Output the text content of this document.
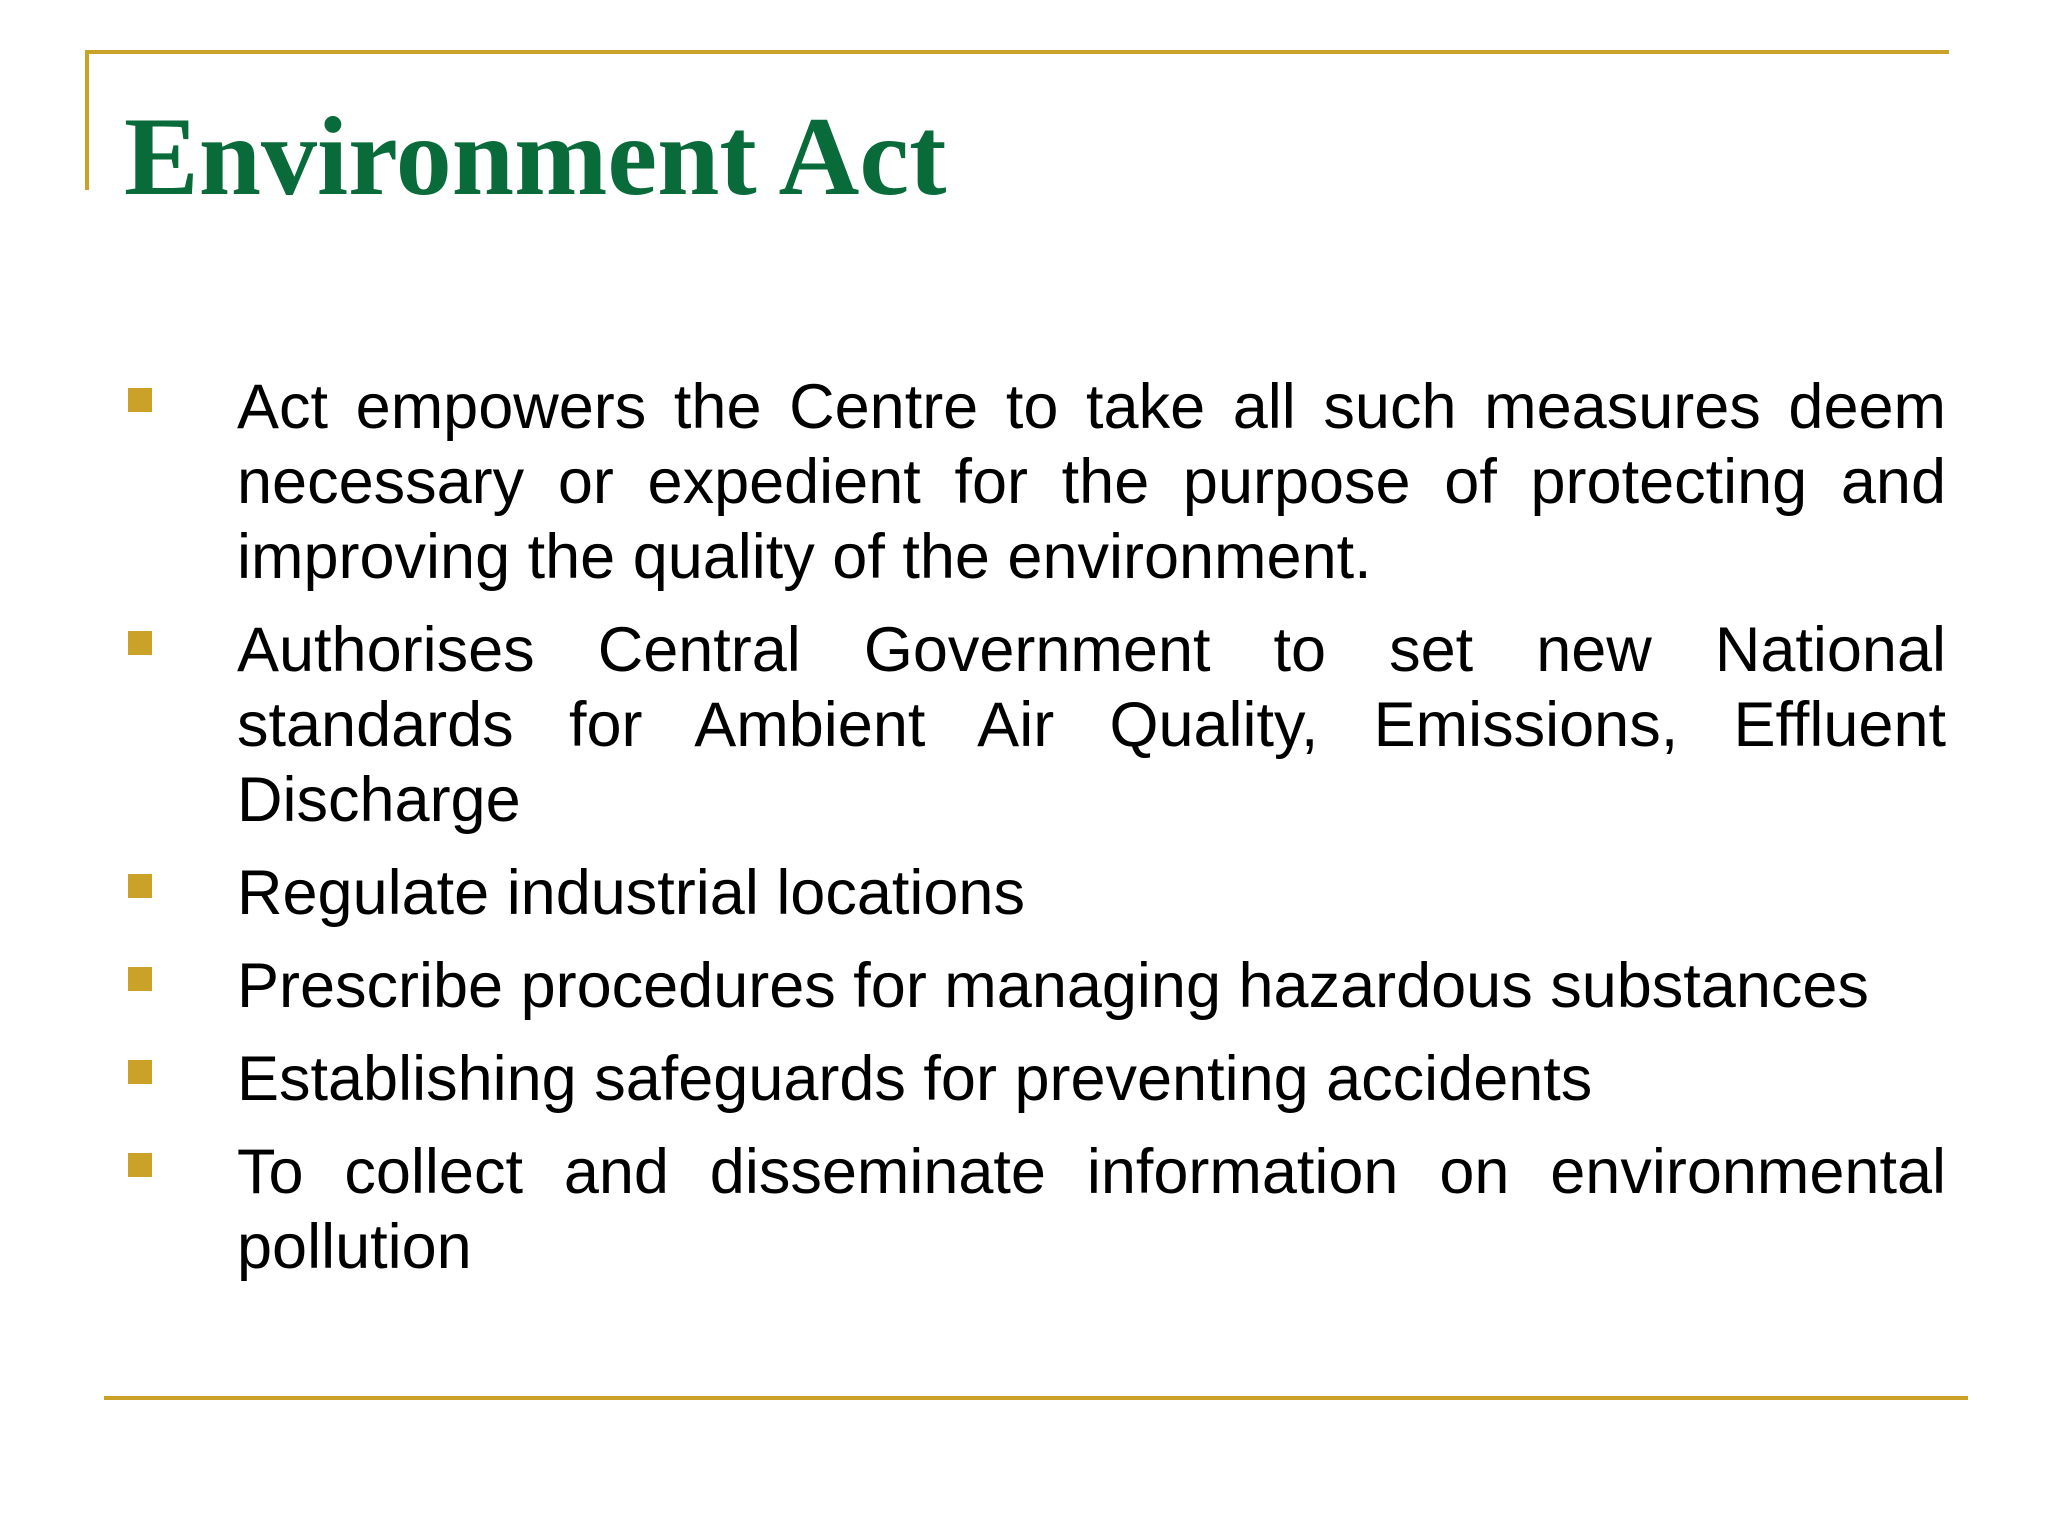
Environment Act
Act empowers the Centre to take all such measures deem necessary or expedient for the purpose of protecting and improving the quality of the environment.
Authorises Central Government to set new National standards for Ambient Air Quality, Emissions, Effluent Discharge
Regulate industrial locations
Prescribe procedures for managing hazardous substances
Establishing safeguards for preventing accidents
To collect and disseminate information on environmental pollution
